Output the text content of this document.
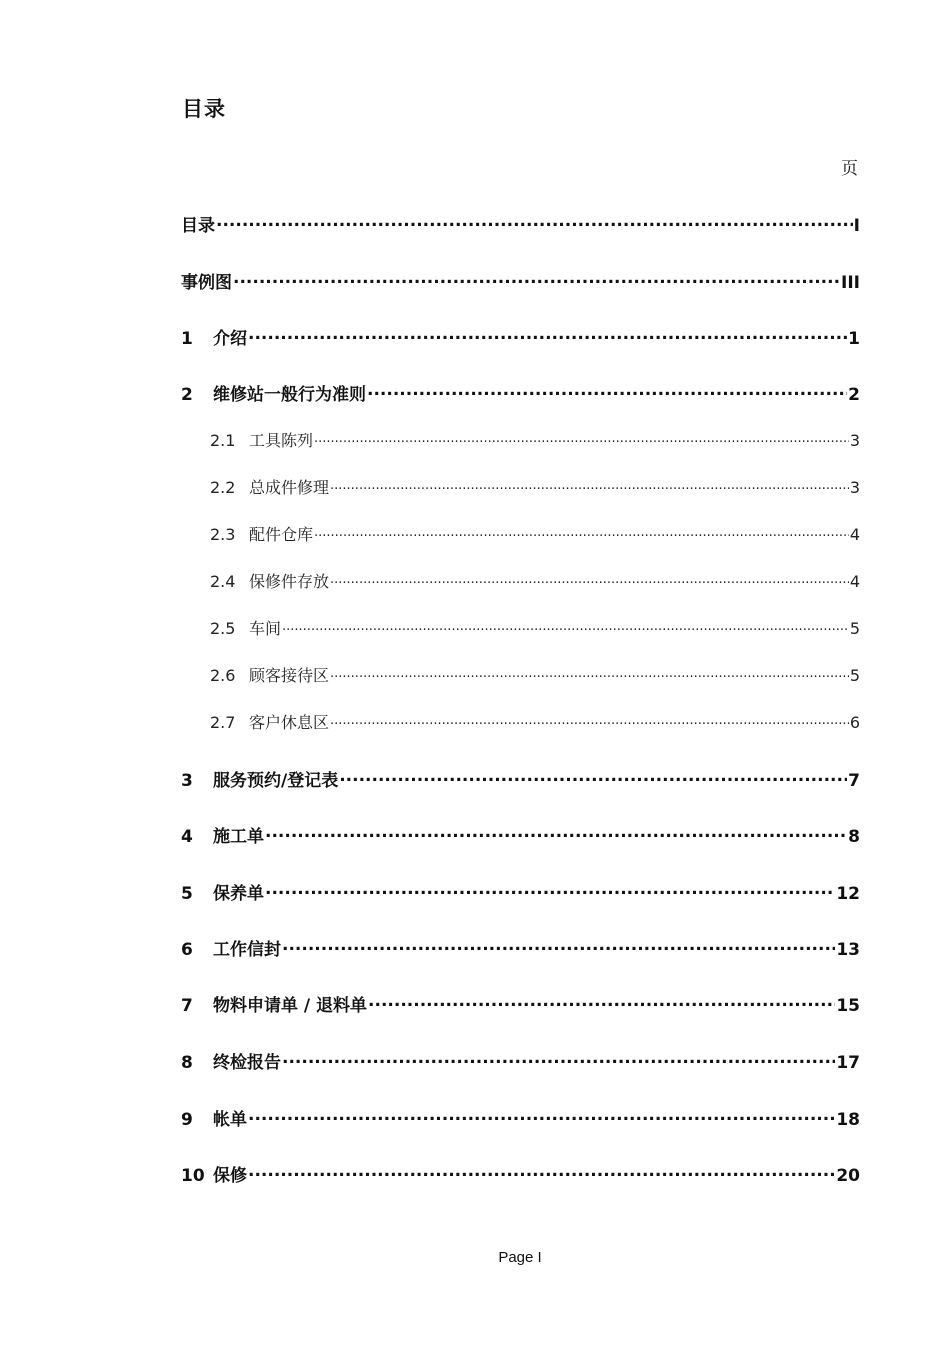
目录
页
目录 .....	I
事例图 .....	III
1	介绍 .....	1
2	维修站一般行为准则 .....	2
2.1 工具陈列 .....	3
2.2 总成件修理 .....	3
2.3 配件仓库 .....	4
2.4 保修件存放 .....	4
2.5 车间 .....	5
2.6 顾客接待区 .....	5
2.7 客户休息区 .....	6
3	服务预约/登记表 .....	7
4	施工单 .....	8
5	保养单 .....	12
6	工作信封 .....	13
7	物料申请单 / 退料单 .....	15
8	终检报告 .....	17
9	帐单 .....	18
10 保修 .....	20
Page I
